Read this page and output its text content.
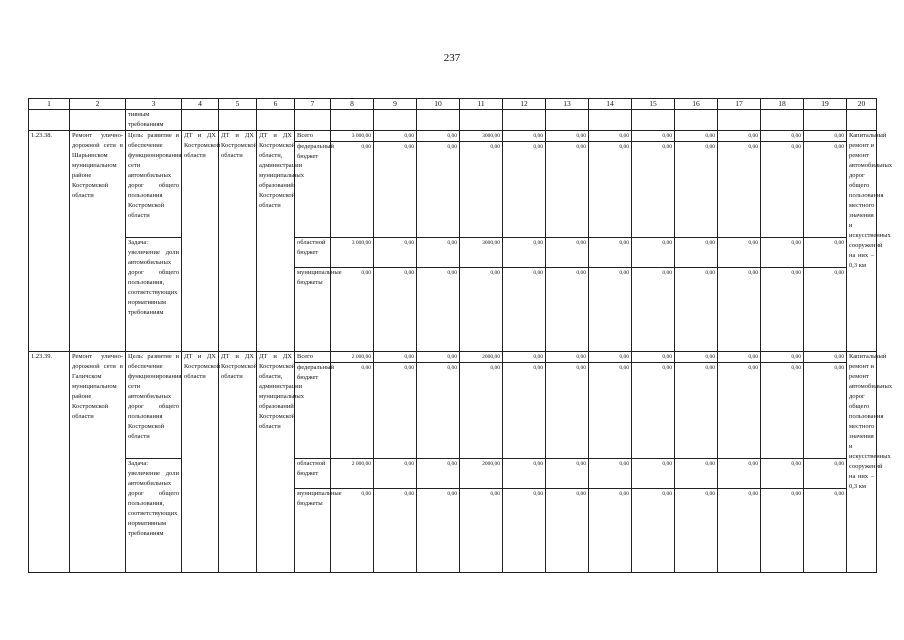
237
1	2	3	4	5	6	7	8	9	10	11	12	13	14	15	16	17	18	19	20
		тивным требованиям																	
1.23.38.	Ремонт улично-дорожной сети в Шарьинском муниципальном районе Костромской области	Цель: развитие и обеспечение функционирования сети автомобильных дорог общего пользования Костромской области	ДТ и ДХ Костромской области	ДТ и ДХ Костромской области	ДТ и ДХ Костромской области, администрации муниципальных образований Костромской области	Всего	3 000,00	0,00	0,00	3000,00	0,00	0,00	0,00	0,00	0,00	0,00	0,00	0,00	Капитальный ремонт и ремонт автомобильных дорог общего пользования местного значения и искусственных сооружений на них – 0,3 км
						федеральный бюджет	0,00	0,00	0,00	0,00	0,00	0,00	0,00	0,00	0,00	0,00	0,00	0,00	
		Задача: увеличение доли автомобильных дорог общего пользования, соответствующих нормативным требованиям				областной бюджет	3 000,00	0,00	0,00	3000,00	0,00	0,00	0,00	0,00	0,00	0,00	0,00	0,00	
						муниципальные бюджеты	0,00	0,00	0,00	0,00	0,00	0,00	0,00	0,00	0,00	0,00	0,00	0,00	
1.23.39.	Ремонт улично-дорожной сети в Галичском муниципальном районе Костромской области	Цель: развитие и обеспечение функционирования сети автомобильных дорог общего пользования Костромской области	ДТ и ДХ Костромской области	ДТ и ДХ Костромской области	ДТ и ДХ Костромской области, администрации муниципальных образований Костромской области	Всего	2 000,00	0,00	0,00	2000,00	0,00	0,00	0,00	0,00	0,00	0,00	0,00	0,00	Капитальный ремонт и ремонт автомобильных дорог общего пользования местного значения и искусственных сооружений на них – 0,3 км
						федеральный бюджет	0,00	0,00	0,00	0,00	0,00	0,00	0,00	0,00	0,00	0,00	0,00	0,00	
		Задача: увеличение доли автомобильных дорог общего пользования, соответствующих нормативным требованиям				областной бюджет	2 000,00	0,00	0,00	2000,00	0,00	0,00	0,00	0,00	0,00	0,00	0,00	0,00	
						муниципальные бюджеты	0,00	0,00	0,00	0,00	0,00	0,00	0,00	0,00	0,00	0,00	0,00	0,00	
